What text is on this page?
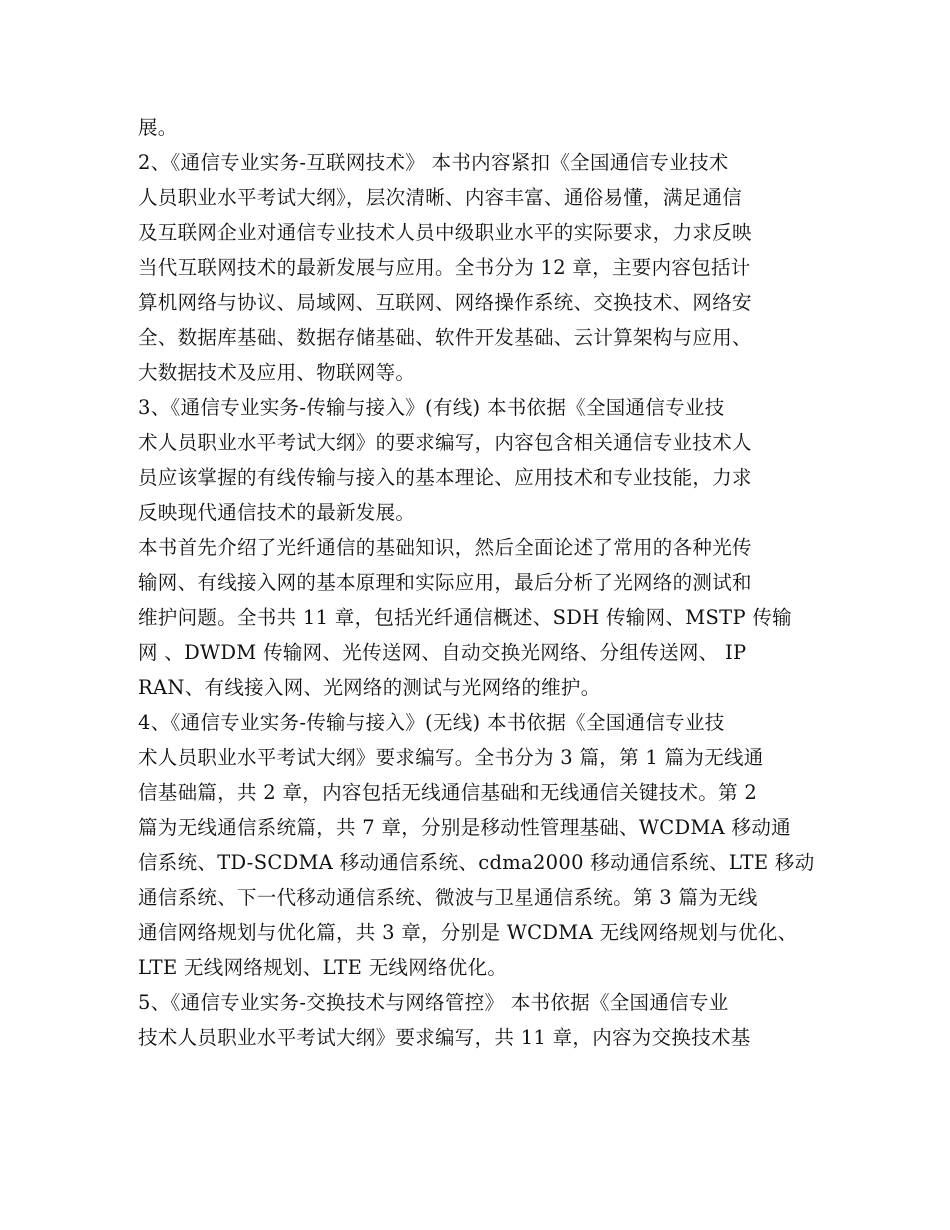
展。
2、《通信专业实务-互联网技术》 本书内容紧扣《全国通信专业技术
人员职业水平考试大纲》，层次清晰、内容丰富、通俗易懂，满足通信
及互联网企业对通信专业技术人员中级职业水平的实际要求，力求反映
当代互联网技术的最新发展与应用。全书分为 12 章，主要内容包括计
算机网络与协议、局域网、互联网、网络操作系统、交换技术、网络安
全、数据库基础、数据存储基础、软件开发基础、云计算架构与应用、
大数据技术及应用、物联网等。
3、《通信专业实务-传输与接入》(有线) 本书依据《全国通信专业技
术人员职业水平考试大纲》的要求编写，内容包含相关通信专业技术人
员应该掌握的有线传输与接入的基本理论、应用技术和专业技能，力求
反映现代通信技术的最新发展。
本书首先介绍了光纤通信的基础知识，然后全面论述了常用的各种光传
输网、有线接入网的基本原理和实际应用，最后分析了光网络的测试和
维护问题。全书共 11 章，包括光纤通信概述、SDH 传输网、MSTP 传输
网 、DWDM 传输网、光传送网、自动交换光网络、分组传送网、 IP
RAN、有线接入网、光网络的测试与光网络的维护。
4、《通信专业实务-传输与接入》(无线) 本书依据《全国通信专业技
术人员职业水平考试大纲》要求编写。全书分为 3 篇，第 1 篇为无线通
信基础篇，共 2 章，内容包括无线通信基础和无线通信关键技术。第 2
篇为无线通信系统篇，共 7 章，分别是移动性管理基础、WCDMA 移动通
信系统、TD-SCDMA 移动通信系统、cdma2000 移动通信系统、LTE 移动
通信系统、下一代移动通信系统、微波与卫星通信系统。第 3 篇为无线
通信网络规划与优化篇，共 3 章，分别是 WCDMA 无线网络规划与优化、
LTE 无线网络规划、LTE 无线网络优化。
5、《通信专业实务-交换技术与网络管控》 本书依据《全国通信专业
技术人员职业水平考试大纲》要求编写，共 11 章，内容为交换技术基
